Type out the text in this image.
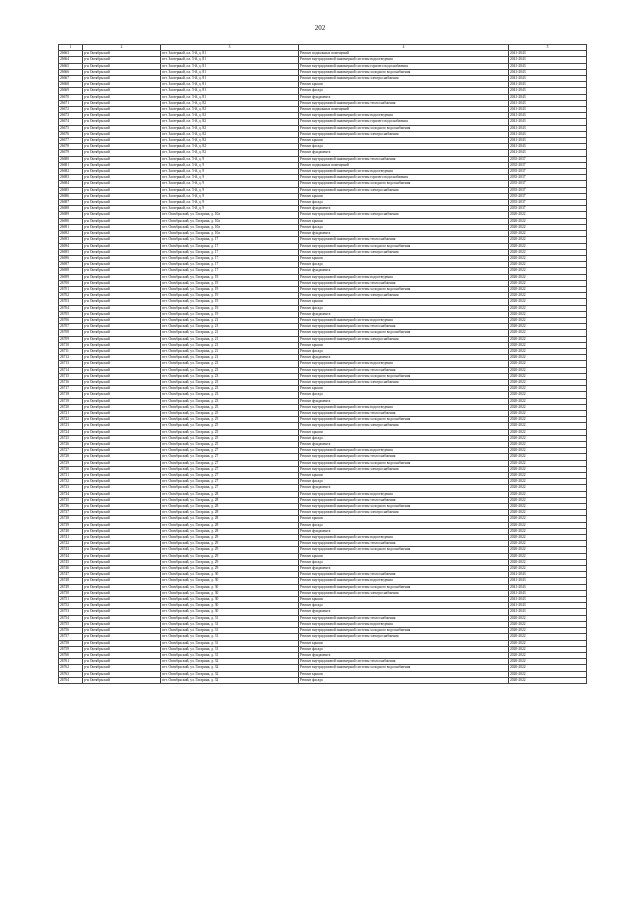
202
1	2	3	4	5
26663	р-н Октябрьский	пгт. Заозерный, пл. 5-й, д. 81	Ремонт подвальных помещений	2041-2043
26664	р-н Октябрьский	пгт. Заозерный, пл. 5-й, д. 81	Ремонт внутридомовой инженерной системы водоотведения	2041-2043
26665	р-н Октябрьский	пгт. Заозерный, пл. 5-й, д. 81	Ремонт внутридомовой инженерной системы горячего водоснабжения	2041-2043
26666	р-н Октябрьский	пгт. Заозерный, пл. 5-й, д. 81	Ремонт внутридомовой инженерной системы холодного водоснабжения	2041-2043
26667	р-н Октябрьский	пгт. Заозерный, пл. 5-й, д. 81	Ремонт внутридомовой инженерной системы электроснабжения	2041-2043
26668	р-н Октябрьский	пгт. Заозерный, пл. 5-й, д. 81	Ремонт крыши	2041-2043
26669	р-н Октябрьский	пгт. Заозерный, пл. 5-й, д. 81	Ремонт фасада	2041-2043
26670	р-н Октябрьский	пгт. Заозерный, пл. 5-й, д. 81	Ремонт фундамента	2041-2043
26671	р-н Октябрьский	пгт. Заозерный, пл. 5-й, д. 82	Ремонт внутридомовой инженерной системы теплоснабжения	2041-2043
26672	р-н Октябрьский	пгт. Заозерный, пл. 5-й, д. 82	Ремонт подвальных помещений	2041-2043
26673	р-н Октябрьский	пгт. Заозерный, пл. 5-й, д. 82	Ремонт внутридомовой инженерной системы водоотведения	2041-2043
26674	р-н Октябрьский	пгт. Заозерный, пл. 5-й, д. 82	Ремонт внутридомовой инженерной системы горячего водоснабжения	2041-2043
26675	р-н Октябрьский	пгт. Заозерный, пл. 5-й, д. 82	Ремонт внутридомовой инженерной системы холодного водоснабжения	2041-2043
26676	р-н Октябрьский	пгт. Заозерный, пл. 5-й, д. 82	Ремонт внутридомовой инженерной системы электроснабжения	2041-2043
26677	р-н Октябрьский	пгт. Заозерный, пл. 5-й, д. 82	Ремонт крыши	2041-2043
26678	р-н Октябрьский	пгт. Заозерный, пл. 5-й, д. 82	Ремонт фасада	2041-2043
26679	р-н Октябрьский	пгт. Заозерный, пл. 5-й, д. 82	Ремонт фундамента	2041-2043
26680	р-н Октябрьский	пгт. Заозерный, пл. 5-й, д. 9	Ремонт внутридомовой инженерной системы теплоснабжения	2035-2037
26681	р-н Октябрьский	пгт. Заозерный, пл. 5-й, д. 9	Ремонт подвальных помещений	2035-2037
26682	р-н Октябрьский	пгт. Заозерный, пл. 5-й, д. 9	Ремонт внутридомовой инженерной системы водоотведения	2035-2037
26683	р-н Октябрьский	пгт. Заозерный, пл. 5-й, д. 9	Ремонт внутридомовой инженерной системы горячего водоснабжения	2035-2037
26684	р-н Октябрьский	пгт. Заозерный, пл. 5-й, д. 9	Ремонт внутридомовой инженерной системы холодного водоснабжения	2035-2037
26685	р-н Октябрьский	пгт. Заозерный, пл. 5-й, д. 9	Ремонт внутридомовой инженерной системы электроснабжения	2035-2037
26686	р-н Октябрьский	пгт. Заозерный, пл. 5-й, д. 9	Ремонт крыши	2035-2037
26687	р-н Октябрьский	пгт. Заозерный, пл. 5-й, д. 9	Ремонт фасада	2035-2037
26688	р-н Октябрьский	пгт. Заозерный, пл. 5-й, д. 9	Ремонт фундамента	2035-2037
26689	р-н Октябрьский	пгт. Октябрьский, ул. Гагарина, д. 10а	Ремонт внутридомовой инженерной системы электроснабжения	2020-2022
26690	р-н Октябрьский	пгт. Октябрьский, ул. Гагарина, д. 10а	Ремонт крыши	2020-2022
26691	р-н Октябрьский	пгт. Октябрьский, ул. Гагарина, д. 10а	Ремонт фасада	2020-2022
26692	р-н Октябрьский	пгт. Октябрьский, ул. Гагарина, д. 10а	Ремонт фундамента	2020-2022
26693	р-н Октябрьский	пгт. Октябрьский, ул. Гагарина, д. 17	Ремонт внутридомовой инженерной системы теплоснабжения	2020-2022
26694	р-н Октябрьский	пгт. Октябрьский, ул. Гагарина, д. 17	Ремонт внутридомовой инженерной системы холодного водоснабжения	2020-2022
26695	р-н Октябрьский	пгт. Октябрьский, ул. Гагарина, д. 17	Ремонт внутридомовой инженерной системы электроснабжения	2020-2022
26696	р-н Октябрьский	пгт. Октябрьский, ул. Гагарина, д. 17	Ремонт крыши	2020-2022
26697	р-н Октябрьский	пгт. Октябрьский, ул. Гагарина, д. 17	Ремонт фасада	2020-2022
26698	р-н Октябрьский	пгт. Октябрьский, ул. Гагарина, д. 17	Ремонт фундамента	2020-2022
26699	р-н Октябрьский	пгт. Октябрьский, ул. Гагарина, д. 19	Ремонт внутридомовой инженерной системы водоотведения	2020-2022
26700	р-н Октябрьский	пгт. Октябрьский, ул. Гагарина, д. 19	Ремонт внутридомовой инженерной системы теплоснабжения	2020-2022
26701	р-н Октябрьский	пгт. Октябрьский, ул. Гагарина, д. 19	Ремонт внутридомовой инженерной системы холодного водоснабжения	2020-2022
26702	р-н Октябрьский	пгт. Октябрьский, ул. Гагарина, д. 19	Ремонт внутридомовой инженерной системы электроснабжения	2020-2022
26703	р-н Октябрьский	пгт. Октябрьский, ул. Гагарина, д. 19	Ремонт крыши	2020-2022
26704	р-н Октябрьский	пгт. Октябрьский, ул. Гагарина, д. 19	Ремонт фасада	2020-2022
26705	р-н Октябрьский	пгт. Октябрьский, ул. Гагарина, д. 19	Ремонт фундамента	2020-2022
26706	р-н Октябрьский	пгт. Октябрьский, ул. Гагарина, д. 21	Ремонт внутридомовой инженерной системы водоотведения	2020-2022
26707	р-н Октябрьский	пгт. Октябрьский, ул. Гагарина, д. 21	Ремонт внутридомовой инженерной системы теплоснабжения	2020-2022
26708	р-н Октябрьский	пгт. Октябрьский, ул. Гагарина, д. 21	Ремонт внутридомовой инженерной системы холодного водоснабжения	2020-2022
26709	р-н Октябрьский	пгт. Октябрьский, ул. Гагарина, д. 21	Ремонт внутридомовой инженерной системы электроснабжения	2020-2022
26710	р-н Октябрьский	пгт. Октябрьский, ул. Гагарина, д. 21	Ремонт крыши	2020-2022
26711	р-н Октябрьский	пгт. Октябрьский, ул. Гагарина, д. 21	Ремонт фасада	2020-2022
26712	р-н Октябрьский	пгт. Октябрьский, ул. Гагарина, д. 21	Ремонт фундамента	2020-2022
26713	р-н Октябрьский	пгт. Октябрьский, ул. Гагарина, д. 23	Ремонт внутридомовой инженерной системы водоотведения	2020-2022
26714	р-н Октябрьский	пгт. Октябрьский, ул. Гагарина, д. 23	Ремонт внутридомовой инженерной системы теплоснабжения	2020-2022
26715	р-н Октябрьский	пгт. Октябрьский, ул. Гагарина, д. 23	Ремонт внутридомовой инженерной системы холодного водоснабжения	2020-2022
26716	р-н Октябрьский	пгт. Октябрьский, ул. Гагарина, д. 23	Ремонт внутридомовой инженерной системы электроснабжения	2020-2022
26717	р-н Октябрьский	пгт. Октябрьский, ул. Гагарина, д. 23	Ремонт крыши	2020-2022
26718	р-н Октябрьский	пгт. Октябрьский, ул. Гагарина, д. 23	Ремонт фасада	2020-2022
26719	р-н Октябрьский	пгт. Октябрьский, ул. Гагарина, д. 23	Ремонт фундамента	2020-2022
26720	р-н Октябрьский	пгт. Октябрьский, ул. Гагарина, д. 25	Ремонт внутридомовой инженерной системы водоотведения	2020-2022
26721	р-н Октябрьский	пгт. Октябрьский, ул. Гагарина, д. 25	Ремонт внутридомовой инженерной системы теплоснабжения	2020-2022
26722	р-н Октябрьский	пгт. Октябрьский, ул. Гагарина, д. 25	Ремонт внутридомовой инженерной системы холодного водоснабжения	2020-2022
26723	р-н Октябрьский	пгт. Октябрьский, ул. Гагарина, д. 25	Ремонт внутридомовой инженерной системы электроснабжения	2020-2022
26724	р-н Октябрьский	пгт. Октябрьский, ул. Гагарина, д. 25	Ремонт крыши	2020-2022
26725	р-н Октябрьский	пгт. Октябрьский, ул. Гагарина, д. 25	Ремонт фасада	2020-2022
26726	р-н Октябрьский	пгт. Октябрьский, ул. Гагарина, д. 25	Ремонт фундамента	2020-2022
26727	р-н Октябрьский	пгт. Октябрьский, ул. Гагарина, д. 27	Ремонт внутридомовой инженерной системы водоотведения	2020-2022
26728	р-н Октябрьский	пгт. Октябрьский, ул. Гагарина, д. 27	Ремонт внутридомовой инженерной системы теплоснабжения	2020-2022
26729	р-н Октябрьский	пгт. Октябрьский, ул. Гагарина, д. 27	Ремонт внутридомовой инженерной системы холодного водоснабжения	2020-2022
26730	р-н Октябрьский	пгт. Октябрьский, ул. Гагарина, д. 27	Ремонт внутридомовой инженерной системы электроснабжения	2020-2022
26731	р-н Октябрьский	пгт. Октябрьский, ул. Гагарина, д. 27	Ремонт крыши	2020-2022
26732	р-н Октябрьский	пгт. Октябрьский, ул. Гагарина, д. 27	Ремонт фасада	2020-2022
26733	р-н Октябрьский	пгт. Октябрьский, ул. Гагарина, д. 27	Ремонт фундамента	2020-2022
26734	р-н Октябрьский	пгт. Октябрьский, ул. Гагарина, д. 28	Ремонт внутридомовой инженерной системы водоотведения	2020-2022
26735	р-н Октябрьский	пгт. Октябрьский, ул. Гагарина, д. 28	Ремонт внутридомовой инженерной системы теплоснабжения	2020-2022
26736	р-н Октябрьский	пгт. Октябрьский, ул. Гагарина, д. 28	Ремонт внутридомовой инженерной системы холодного водоснабжения	2020-2022
26737	р-н Октябрьский	пгт. Октябрьский, ул. Гагарина, д. 28	Ремонт внутридомовой инженерной системы электроснабжения	2020-2022
26738	р-н Октябрьский	пгт. Октябрьский, ул. Гагарина, д. 28	Ремонт крыши	2020-2022
26739	р-н Октябрьский	пгт. Октябрьский, ул. Гагарина, д. 28	Ремонт фасада	2020-2022
26740	р-н Октябрьский	пгт. Октябрьский, ул. Гагарина, д. 28	Ремонт фундамента	2020-2022
26741	р-н Октябрьский	пгт. Октябрьский, ул. Гагарина, д. 29	Ремонт внутридомовой инженерной системы водоотведения	2020-2022
26742	р-н Октябрьский	пгт. Октябрьский, ул. Гагарина, д. 29	Ремонт внутридомовой инженерной системы теплоснабжения	2020-2022
26743	р-н Октябрьский	пгт. Октябрьский, ул. Гагарина, д. 29	Ремонт внутридомовой инженерной системы холодного водоснабжения	2020-2022
26744	р-н Октябрьский	пгт. Октябрьский, ул. Гагарина, д. 29	Ремонт крыши	2020-2022
26745	р-н Октябрьский	пгт. Октябрьский, ул. Гагарина, д. 29	Ремонт фасада	2020-2022
26746	р-н Октябрьский	пгт. Октябрьский, ул. Гагарина, д. 29	Ремонт фундамента	2020-2022
26747	р-н Октябрьский	пгт. Октябрьский, ул. Гагарина, д. 30	Ремонт внутридомовой инженерной системы теплоснабжения	2041-2043
26748	р-н Октябрьский	пгт. Октябрьский, ул. Гагарина, д. 30	Ремонт внутридомовой инженерной системы водоотведения	2041-2043
26749	р-н Октябрьский	пгт. Октябрьский, ул. Гагарина, д. 30	Ремонт внутридомовой инженерной системы холодного водоснабжения	2041-2043
26750	р-н Октябрьский	пгт. Октябрьский, ул. Гагарина, д. 30	Ремонт внутридомовой инженерной системы электроснабжения	2041-2043
26751	р-н Октябрьский	пгт. Октябрьский, ул. Гагарина, д. 30	Ремонт крыши	2041-2043
26752	р-н Октябрьский	пгт. Октябрьский, ул. Гагарина, д. 30	Ремонт фасада	2041-2043
26753	р-н Октябрьский	пгт. Октябрьский, ул. Гагарина, д. 30	Ремонт фундамента	2041-2043
26754	р-н Октябрьский	пгт. Октябрьский, ул. Гагарина, д. 31	Ремонт внутридомовой инженерной системы теплоснабжения	2020-2022
26755	р-н Октябрьский	пгт. Октябрьский, ул. Гагарина, д. 31	Ремонт внутридомовой инженерной системы водоотведения	2020-2022
26756	р-н Октябрьский	пгт. Октябрьский, ул. Гагарина, д. 31	Ремонт внутридомовой инженерной системы холодного водоснабжения	2020-2022
26757	р-н Октябрьский	пгт. Октябрьский, ул. Гагарина, д. 31	Ремонт внутридомовой инженерной системы электроснабжения	2020-2022
26758	р-н Октябрьский	пгт. Октябрьский, ул. Гагарина, д. 31	Ремонт крыши	2020-2022
26759	р-н Октябрьский	пгт. Октябрьский, ул. Гагарина, д. 31	Ремонт фасада	2020-2022
26760	р-н Октябрьский	пгт. Октябрьский, ул. Гагарина, д. 31	Ремонт фундамента	2020-2022
26761	р-н Октябрьский	пгт. Октябрьский, ул. Гагарина, д. 32	Ремонт внутридомовой инженерной системы теплоснабжения	2020-2022
26762	р-н Октябрьский	пгт. Октябрьский, ул. Гагарина, д. 32	Ремонт внутридомовой инженерной системы холодного водоснабжения	2020-2022
26763	р-н Октябрьский	пгт. Октябрьский, ул. Гагарина, д. 32	Ремонт крыши	2020-2022
26764	р-н Октябрьский	пгт. Октябрьский, ул. Гагарина, д. 32	Ремонт фасада	2020-2022
